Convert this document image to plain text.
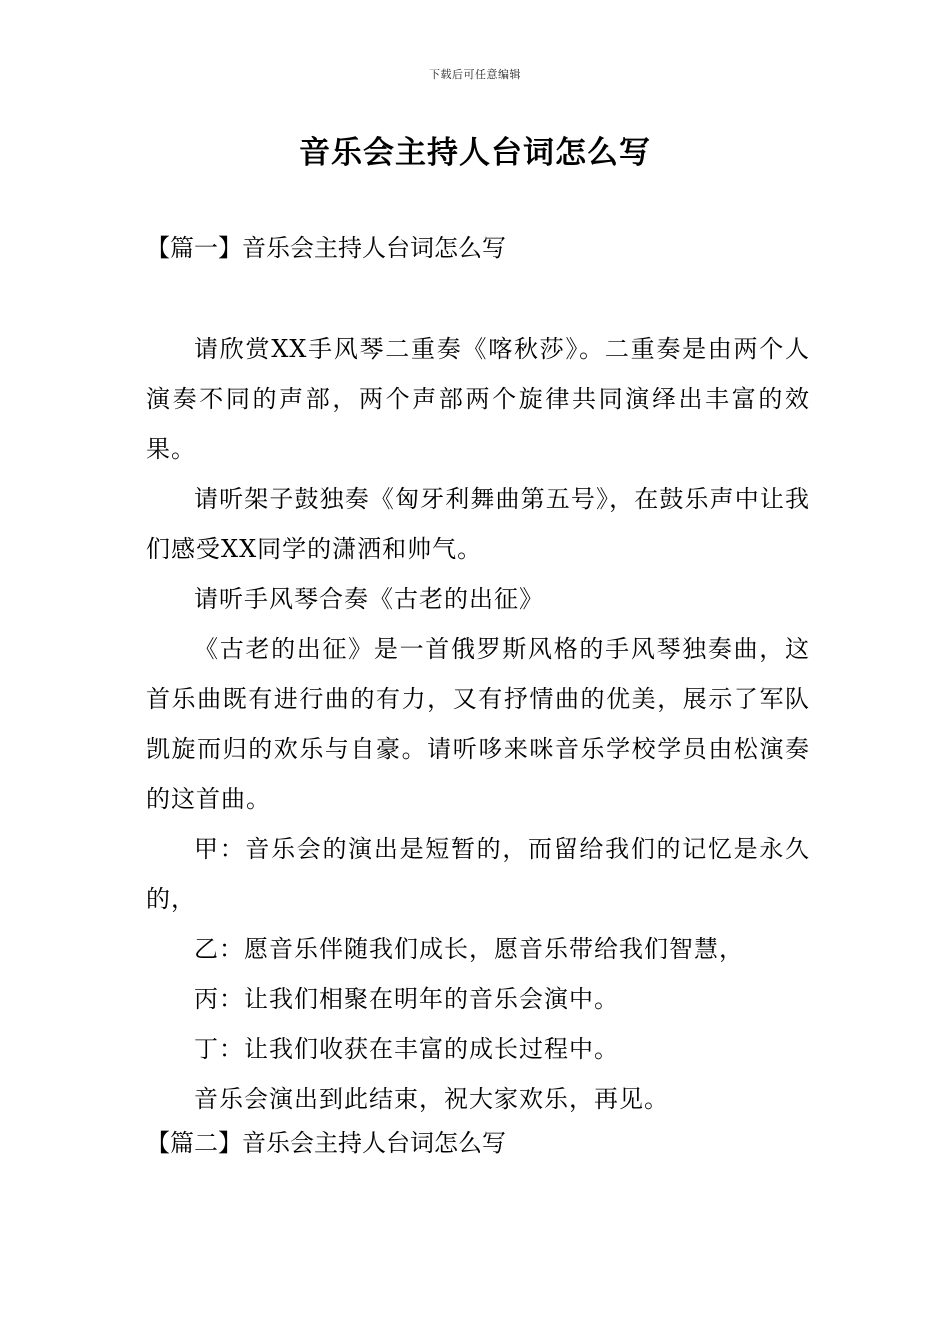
下载后可任意编辑
音乐会主持人台词怎么写
【篇一】音乐会主持人台词怎么写

请欣赏XX手风琴二重奏《喀秋莎》。二重奏是由两个人演奏不同的声部，两个声部两个旋律共同演绎出丰富的效果。

请听架子鼓独奏《匈牙利舞曲第五号》，在鼓乐声中让我们感受XX同学的潇洒和帅气。

请听手风琴合奏《古老的出征》

《古老的出征》是一首俄罗斯风格的手风琴独奏曲，这首乐曲既有进行曲的有力，又有抒情曲的优美，展示了军队凯旋而归的欢乐与自豪。请听哆来咪音乐学校学员由松演奏的这首曲。

甲：音乐会的演出是短暂的，而留给我们的记忆是永久的，

乙：愿音乐伴随我们成长，愿音乐带给我们智慧，

丙：让我们相聚在明年的音乐会演中。

丁：让我们收获在丰富的成长过程中。

音乐会演出到此结束，祝大家欢乐，再见。

【篇二】音乐会主持人台词怎么写
